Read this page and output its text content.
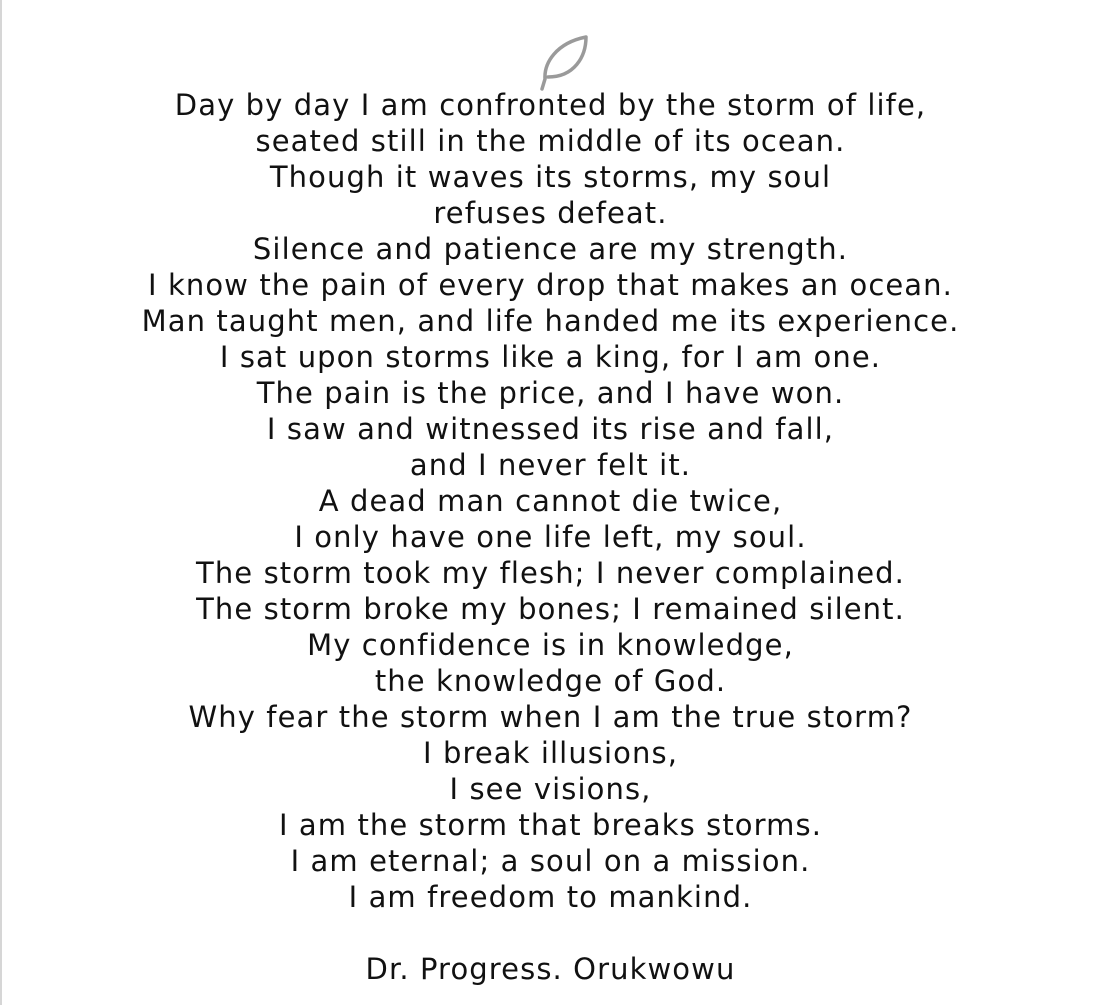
Day by day I am confronted by the storm of life,
seated still in the middle of its ocean.
Though it waves its storms, my soul
refuses defeat.
Silence and patience are my strength.
I know the pain of every drop that makes an ocean.
Man taught men, and life handed me its experience.
I sat upon storms like a king, for I am one.
The pain is the price, and I have won.
I saw and witnessed its rise and fall,
and I never felt it.
A dead man cannot die twice,
I only have one life left, my soul.
The storm took my flesh; I never complained.
The storm broke my bones; I remained silent.
My confidence is in knowledge,
the knowledge of God.
Why fear the storm when I am the true storm?
I break illusions,
I see visions,
I am the storm that breaks storms.
I am eternal; a soul on a mission.
I am freedom to mankind.

Dr. Progress. Orukwowu
